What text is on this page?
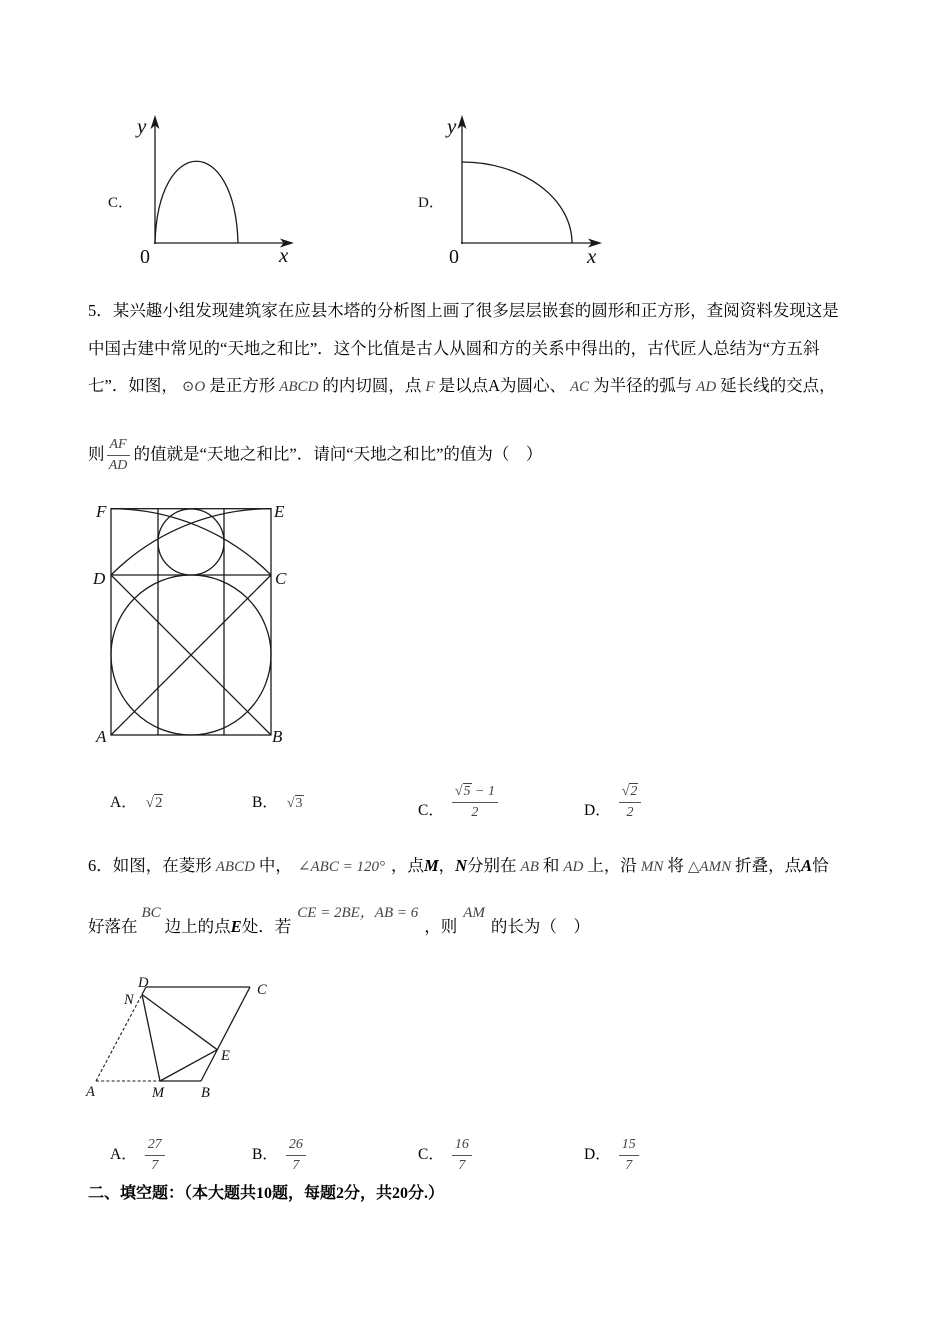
C．
y
0	x
D．
y
0	x
5．某兴趣小组发现建筑家在应县木塔的分析图上画了很多层层嵌套的圆形和正方形，查阅资料发现这是
中国古建中常见的“天地之和比”．这个比值是古人从圆和方的关系中得出的，古代匠人总结为“方五斜
七”．如图， ⊙O 是正方形 ABCD 的内切圆，点 F 是以点A为圆心、 AC 为半径的弧与 AD 延长线的交点，
则 $\frac{AF}{AD}$ 的值就是“天地之和比”．请问“天地之和比”的值为（　）
F	E
D	C
A	B
A． √2	B． √3	C． $\frac{√5 - 1}{2}$	D． $\frac{√2}{2}$
6．如图，在菱形 ABCD 中， ∠ABC = 120° ，点M，N分别在 AB 和 AD 上，沿 MN 将 △AMN 折叠，点A恰
好落在BC边上的点E处．若CE = 2BE，AB = 6，则AM的长为（　）
D	C
N
E
A	M	B
A． $\frac{27}{7}$	B． $\frac{26}{7}$	C． $\frac{16}{7}$	D． $\frac{15}{7}$
二、填空题：（本大题共10题，每题2分，共20分.）
